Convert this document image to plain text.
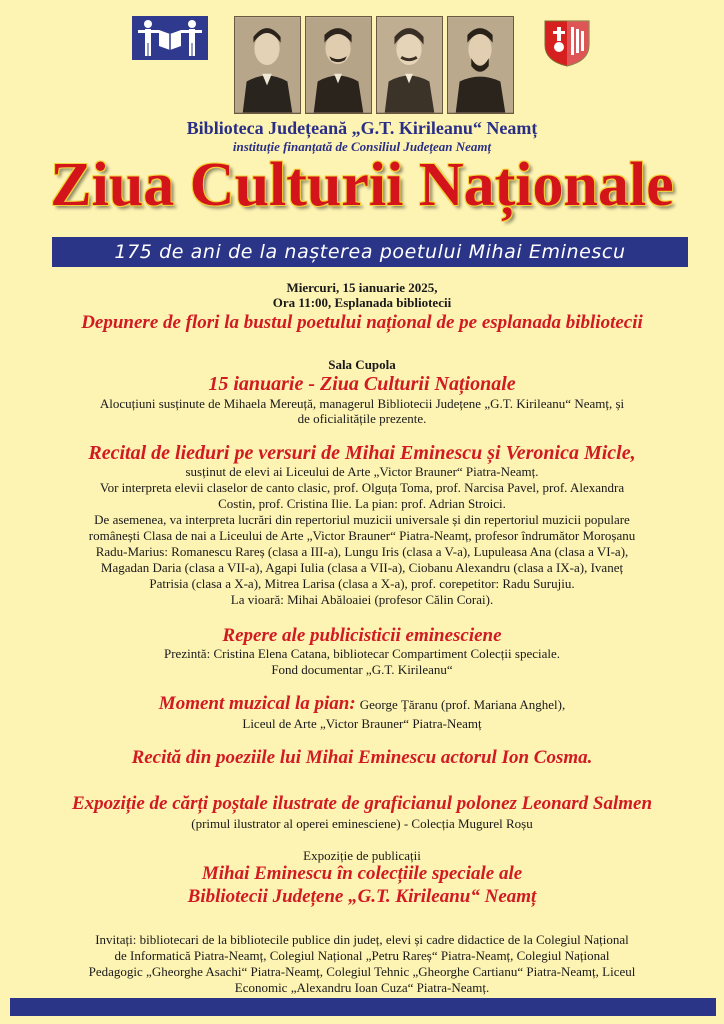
Biblioteca Județeană „G.T. Kirileanu“ Neamț
instituție finanțată de Consiliul Județean Neamț
Ziua Culturii Naționale
175 de ani de la nașterea poetului Mihai Eminescu
Miercuri, 15 ianuarie 2025,
Ora 11:00, Esplanada bibliotecii
Depunere de flori la bustul poetului național de pe esplanada bibliotecii
Sala Cupola
15 ianuarie - Ziua Culturii Naționale
Alocuțiuni susținute de Mihaela Mereuță, managerul Bibliotecii Județene „G.T. Kirileanu“ Neamț, și
de oficialitățile prezente.
Recital de lieduri pe versuri de Mihai Eminescu și Veronica Micle,
susținut de elevi ai Liceului de Arte „Victor Brauner“ Piatra-Neamț.
Vor interpreta elevii claselor de canto clasic, prof. Olguța Toma, prof. Narcisa Pavel, prof. Alexandra
Costin, prof. Cristina Ilie. La pian: prof. Adrian Stroici.
De asemenea, va interpreta lucrări din repertoriul muzicii universale și din repertoriul muzicii populare
românești Clasa de nai a Liceului de Arte „Victor Brauner“ Piatra-Neamț, profesor îndrumător Moroșanu
Radu-Marius: Romanescu Rareș (clasa a III-a), Lungu Iris (clasa a V-a), Lupuleasa Ana (clasa a VI-a),
Magadan Daria (clasa a VII-a), Agapi Iulia (clasa a VII-a), Ciobanu Alexandru (clasa a IX-a), Ivaneț
Patrisia (clasa a X-a), Mitrea Larisa (clasa a X-a), prof. corepetitor: Radu Surujiu.
La vioară: Mihai Abăloaiei (profesor Călin Corai).
Repere ale publicisticii eminesciene
Prezintă: Cristina Elena Catana, bibliotecar Compartiment Colecții speciale.
Fond documentar „G.T. Kirileanu“
Moment muzical la pian: George Țăranu (prof. Mariana Anghel),
Liceul de Arte „Victor Brauner“ Piatra-Neamț
Recită din poeziile lui Mihai Eminescu actorul Ion Cosma.
Expoziție de cărți poștale ilustrate de graficianul polonez Leonard Salmen
(primul ilustrator al operei eminesciene) - Colecția Mugurel Roșu
Expoziție de publicații
Mihai Eminescu în colecțiile speciale ale
Bibliotecii Județene „G.T. Kirileanu“ Neamț
Invitați: bibliotecari de la bibliotecile publice din județ, elevi și cadre didactice de la Colegiul Național
de Informatică Piatra-Neamț, Colegiul Național „Petru Rareș“ Piatra-Neamț, Colegiul Național
Pedagogic „Gheorghe Asachi“ Piatra-Neamț, Colegiul Tehnic „Gheorghe Cartianu“ Piatra-Neamț, Liceul
Economic „Alexandru Ioan Cuza“ Piatra-Neamț.
